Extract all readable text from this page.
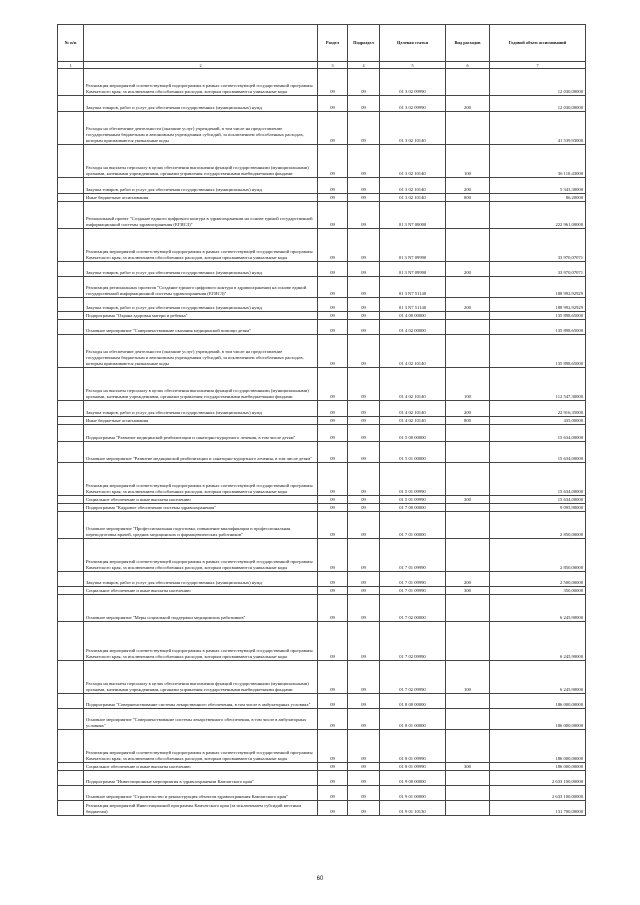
№ п/п		Раздел	Подраздел	Целевая статья	Вид расходов	Годовой объем ассигнований
1	2	3	4	5	6	7
	Реализация мероприятий соответствующей подпрограммы в рамках соответствующей государственной программы Камчатского края, за исключением обособленных расходов, которым присваиваются уникальные коды	09	09	01 3 02 09990		12 030,00000
	Закупка товаров, работ и услуг для обеспечения государственных (муниципальных) нужд	09	09	01 3 02 09990	200	12 030,00000
	Расходы на обеспечение деятельности (оказание услуг) учреждений, в том числе на предоставление государственным бюджетным и автономным учреждениям субсидий, за исключением обособленных расходов, которым присваиваются уникальные коды	09	09	01 3 02 10140		41 539,93000
	Расходы на выплаты персоналу в целях обеспечения выполнения функций государственными (муниципальными) органами, казенными учреждениями, органами управления государственными внебюджетными фондами	09	09	01 3 02 10140	100	36 110,43000
	Закупка товаров, работ и услуг для обеспечения государственных (муниципальных) нужд	09	09	01 3 02 10140	200	5 343,30000
	Иные бюджетные ассигнования	09	09	01 3 02 10140	800	86,20000
	Региональный проект "Создание единого цифрового контура в здравоохранении на основе единой государственной информационной системы здравоохранения (ЕГИСЗ)"	09	09	01 3 N7 00000		222 961,00000
	Реализация мероприятий соответствующей подпрограммы в рамках соответствующей государственной программы Камчатского края, за исключением обособленных расходов, которым присваиваются уникальные коды	09	09	01 3 N7 09990		33 970,07071
	Закупка товаров, работ и услуг для обеспечения государственных (муниципальных) нужд	09	09	01 3 N7 09990	200	33 970,07071
	Реализация региональных проектов "Создание единого цифрового контура в здравоохранении на основе единой государственной информационной системы здравоохранения (ЕГИСЗ)"	09	09	01 3 N7 51140		188 992,92929
	Закупка товаров, работ и услуг для обеспечения государственных (муниципальных) нужд	09	09	01 3 N7 51140	200	188 992,92929
	Подпрограмма "Охрана здоровья матери и ребенка"	09	09	01 4 00 00000		135 898,65000
	Основное мероприятие "Совершенствование оказания медицинской помощи детям"	09	09	01 4 02 00000		135 898,65000
	Расходы на обеспечение деятельности (оказание услуг) учреждений, в том числе на предоставление государственным бюджетным и автономным учреждениям субсидий, за исключением обособленных расходов, которым присваиваются уникальные коды	09	09	01 4 02 10140		135 898,65000
	Расходы на выплаты персоналу в целях обеспечения выполнения функций государственными (муниципальными) органами, казенными учреждениями, органами управления государственными внебюджетными фондами	09	09	01 4 02 10140	100	112 547,30000
	Закупка товаров, работ и услуг для обеспечения государственных (муниципальных) нужд	09	09	01 4 02 10140	200	22 916,35000
	Иные бюджетные ассигнования	09	09	01 4 02 10140	800	435,00000
	Подпрограмма "Развитие медицинской реабилитации и санаторно-курортного лечения, в том числе детям"	09	09	01 5 00 00000		15 634,00000
	Основное мероприятие "Развитие медицинской реабилитации и санаторно-курортного лечения, в том числе детям"	09	09	01 5 01 00000		15 634,00000
	Реализация мероприятий соответствующей подпрограммы в рамках соответствующей государственной программы Камчатского края, за исключением обособленных расходов, которым присваиваются уникальные коды	09	09	01 5 01 09990		15 634,00000
	Социальное обеспечение и иные выплаты населению	09	09	01 5 01 09990	300	15 634,00000
	Подпрограмма "Кадровое обеспечение системы здравоохранения"	09	09	01 7 00 00000		9 095,90000
	Основное мероприятие "Профессиональная подготовка, повышение квалификации и профессиональная переподготовка врачей, средних медицинских и фармацевтических работников"	09	09	01 7 01 00000		2 850,00000
	Реализация мероприятий соответствующей подпрограммы в рамках соответствующей государственной программы Камчатского края, за исключением обособленных расходов, которым присваиваются уникальные коды	09	09	01 7 01 09990		2 850,00000
	Закупка товаров, работ и услуг для обеспечения государственных (муниципальных) нужд	09	09	01 7 01 09990	200	2 500,00000
	Социальное обеспечение и иные выплаты населению	09	09	01 7 01 09990	300	350,00000
	Основное мероприятие "Меры социальной поддержки медицинских работников"	09	09	01 7 02 00000		6 245,90000
	Реализация мероприятий соответствующей подпрограммы в рамках соответствующей государственной программы Камчатского края, за исключением обособленных расходов, которым присваиваются уникальные коды	09	09	01 7 02 09990		6 245,90000
	Расходы на выплаты персоналу в целях обеспечения выполнения функций государственными (муниципальными) органами, казенными учреждениями, органами управления государственными внебюджетными фондами	09	09	01 7 02 09990	100	6 245,90000
	Подпрограмма "Совершенствование системы лекарственного обеспечения, в том числе в амбулаторных условиях"	09	09	01 8 00 00000		186 000,00000
	Основное мероприятие "Совершенствование системы лекарственного обеспечения, в том числе в амбулаторных условиях"	09	09	01 8 01 00000		186 000,00000
	Реализация мероприятий соответствующей подпрограммы в рамках соответствующей государственной программы Камчатского края, за исключением обособленных расходов, которым присваиваются уникальные коды	09	09	01 8 01 09990		186 000,00000
	Социальное обеспечение и иные выплаты населению	09	09	01 8 01 09990	300	186 000,00000
	Подпрограмма "Инвестиционные мероприятия в здравоохранении Камчатского края"	09	09	01 9 00 00000		2 633 100,00000
	Основное мероприятие "Строительство и реконструкция объектов здравоохранения Камчатского края"	09	09	01 9 01 00000		2 633 100,00000
	Реализация мероприятий Инвестиционной программы Камчатского края (за исключением субсидий местным бюджетам)	09	09	01 9 01 10130		131 700,00000
60
